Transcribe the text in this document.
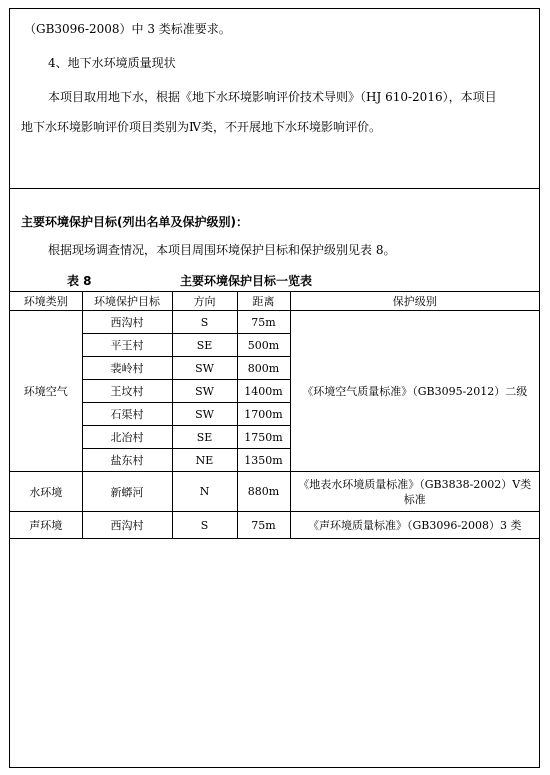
（GB3096-2008）中 3 类标准要求。
4、地下水环境质量现状
本项目取用地下水，根据《地下水环境影响评价技术导则》（HJ 610-2016），本项目
地下水环境影响评价项目类别为Ⅳ类，不开展地下水环境影响评价。
主要环境保护目标(列出名单及保护级别)：
根据现场调查情况，本项目周围环境保护目标和保护级别见表 8。
表 8	主要环境保护目标一览表
环境类别	环境保护目标	方向	距离	保护级别
环境空气	西沟村	S	75m	《环境空气质量标准》（GB3095-2012）二级
	平王村	SE	500m	
	裴岭村	SW	800m	
	王坟村	SW	1400m	
	石渠村	SW	1700m	
	北冶村	SE	1750m	
	盐东村	NE	1350m	
水环境	新蟒河	N	880m	《地表水环境质量标准》（GB3838-2002）Ⅴ类标准
声环境	西沟村	S	75m	《声环境质量标准》（GB3096-2008）3 类
